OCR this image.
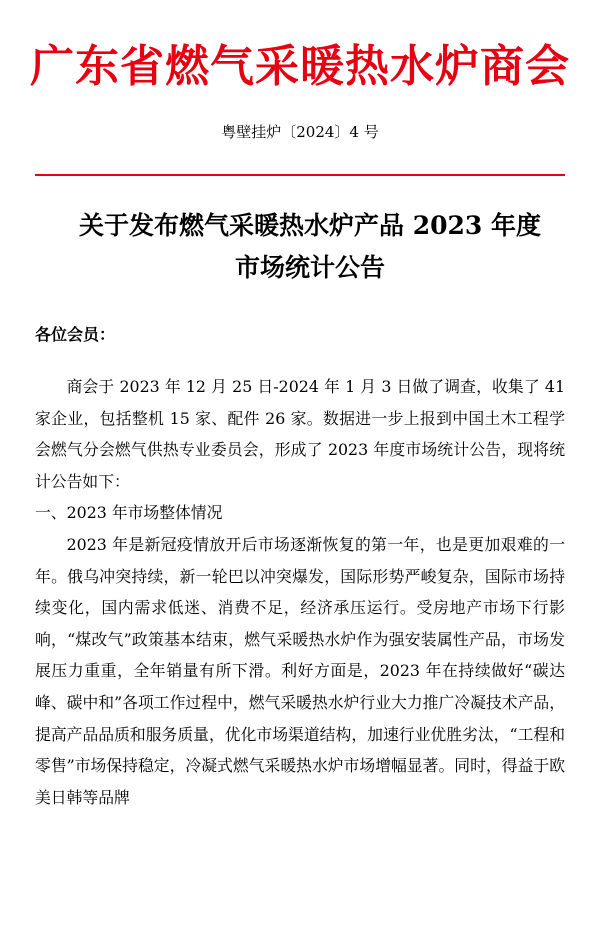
广东省燃气采暖热水炉商会
粤壁挂炉〔2024〕4 号
关于发布燃气采暖热水炉产品 2023 年度
市场统计公告
各位会员：

商会于 2023 年 12 月 25 日-2024 年 1 月 3 日做了调查，收集了 41 家企业，包括整机 15 家、配件 26 家。数据进一步上报到中国土木工程学会燃气分会燃气供热专业委员会，形成了 2023 年度市场统计公告，现将统计公告如下：

一、2023 年市场整体情况

2023 年是新冠疫情放开后市场逐渐恢复的第一年，也是更加艰难的一年。俄乌冲突持续，新一轮巴以冲突爆发，国际形势严峻复杂，国际市场持续变化，国内需求低迷、消费不足，经济承压运行。受房地产市场下行影响，“煤改气”政策基本结束，燃气采暖热水炉作为强安装属性产品，市场发展压力重重，全年销量有所下滑。利好方面是，2023 年在持续做好“碳达峰、碳中和”各项工作过程中，燃气采暖热水炉行业大力推广冷凝技术产品，提高产品品质和服务质量，优化市场渠道结构，加速行业优胜劣汰，“工程和零售”市场保持稳定，冷凝式燃气采暖热水炉市场增幅显著。同时，得益于欧美日韩等品牌
